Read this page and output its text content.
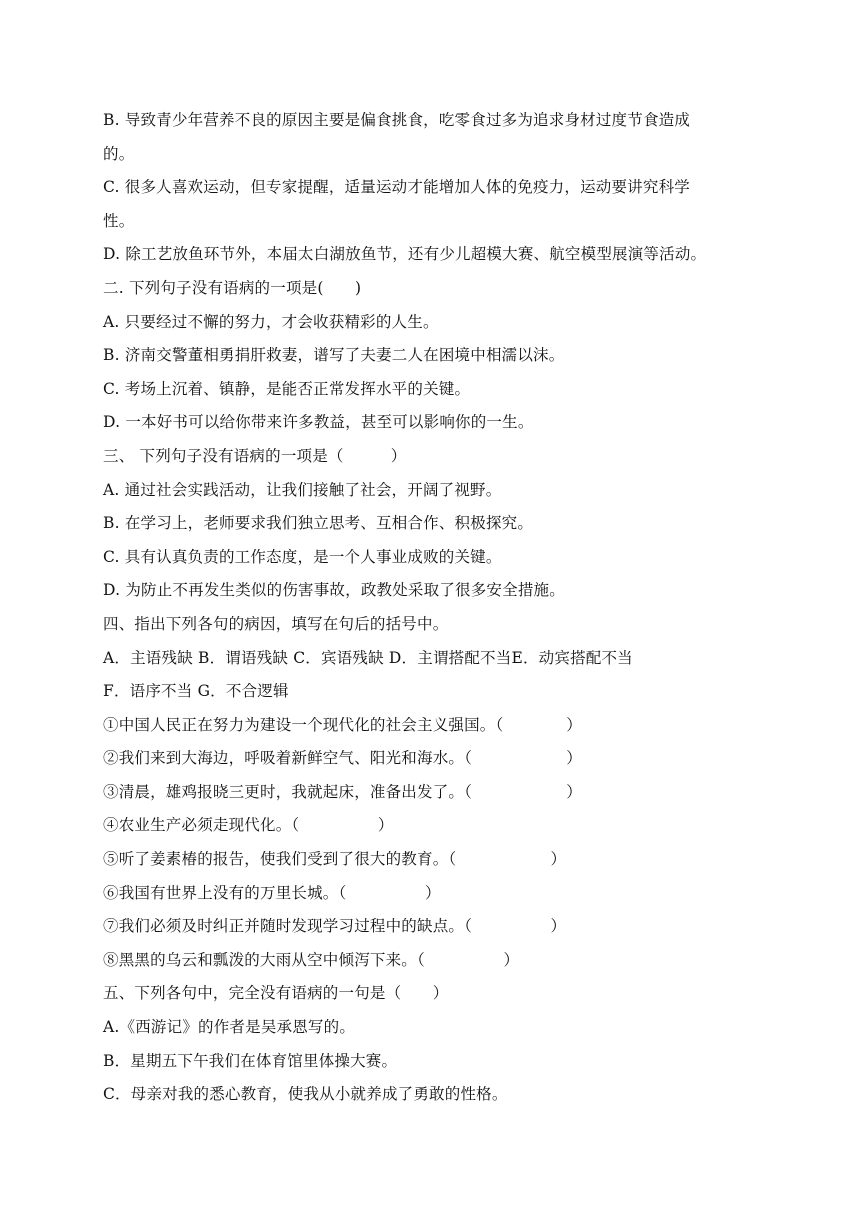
B. 导致青少年营养不良的原因主要是偏食挑食，吃零食过多为追求身材过度节食造成
的。
C. 很多人喜欢运动，但专家提醒，适量运动才能增加人体的免疫力，运动要讲究科学
性。
D. 除工艺放鱼环节外，本届太白湖放鱼节，还有少儿超模大赛、航空模型展演等活动。
二. 下列句子没有语病的一项是(　　)
A. 只要经过不懈的努力，才会收获精彩的人生。
B. 济南交警董相勇捐肝救妻，谱写了夫妻二人在困境中相濡以沫。
C. 考场上沉着、镇静，是能否正常发挥水平的关键。
D. 一本好书可以给你带来许多教益，甚至可以影响你的一生。
三、 下列句子没有语病的一项是（　　　）
A. 通过社会实践活动，让我们接触了社会，开阔了视野。
B. 在学习上，老师要求我们独立思考、互相合作、积极探究。
C. 具有认真负责的工作态度，是一个人事业成败的关键。
D. 为防止不再发生类似的伤害事故，政教处采取了很多安全措施。
四、指出下列各句的病因，填写在句后的括号中。
A．主语残缺 B．谓语残缺 C．宾语残缺 D．主谓搭配不当E．动宾搭配不当
F．语序不当 G．不合逻辑
①中国人民正在努力为建设一个现代化的社会主义强国。（　　　　）
②我们来到大海边，呼吸着新鲜空气、阳光和海水。（　　　　　　）
③清晨，雄鸡报晓三更时，我就起床，准备出发了。（　　　　　　）
④农业生产必须走现代化。（　　　　　）
⑤听了姜素椿的报告，使我们受到了很大的教育。（　　　　　　）
⑥我国有世界上没有的万里长城。（　　　　　）
⑦我们必须及时纠正并随时发现学习过程中的缺点。（　　　　　）
⑧黑黑的乌云和瓢泼的大雨从空中倾泻下来。（　　　　　）
五、下列各句中，完全没有语病的一句是（　　）
A.《西游记》的作者是吴承恩写的。
B．星期五下午我们在体育馆里体操大赛。
C．母亲对我的悉心教育，使我从小就养成了勇敢的性格。
